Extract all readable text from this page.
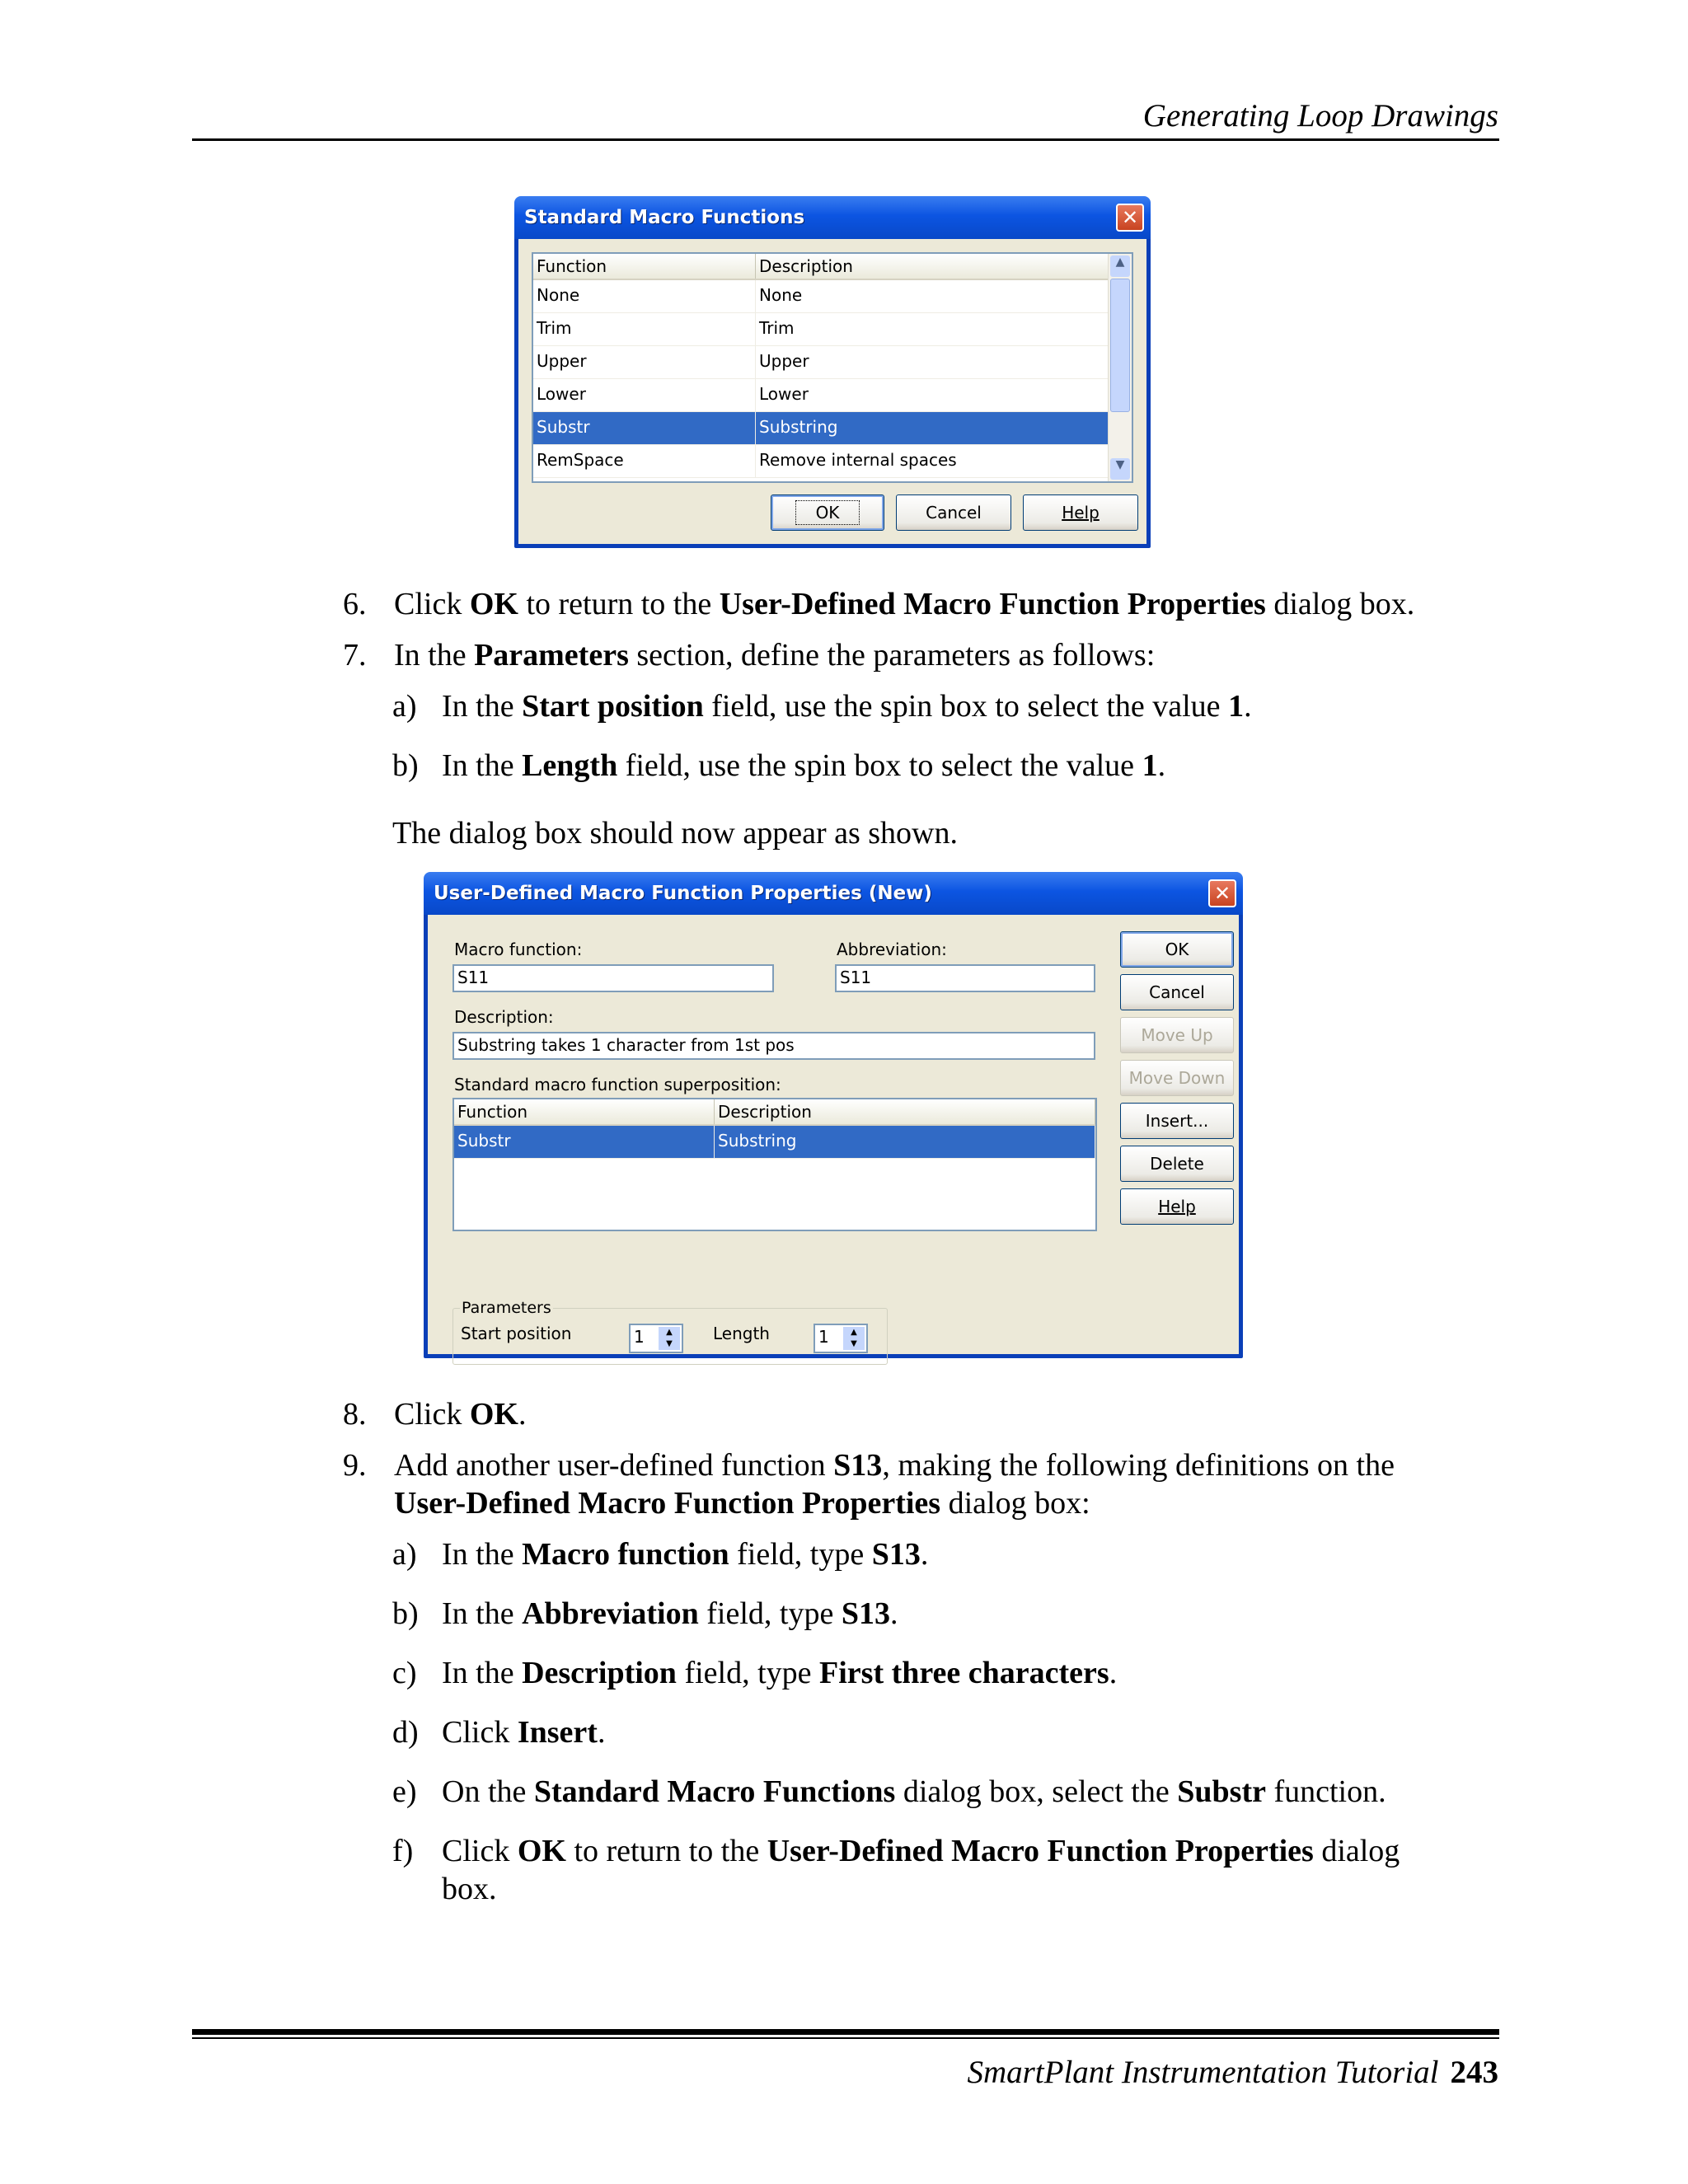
Generating Loop Drawings
Standard Macro Functions	✕
Function	Description
None	None
Trim	Trim
Upper	Upper
Lower	Lower
Substr	Substring
RemSpace	Remove internal spaces
▲
▼
OK	Cancel	Help
6. Click OK to return to the User-Defined Macro Function Properties dialog box.
7. In the Parameters section, define the parameters as follows:
a) In the Start position field, use the spin box to select the value 1.
b) In the Length field, use the spin box to select the value 1.
The dialog box should now appear as shown.
User-Defined Macro Function Properties (New)	✕
Macro function:
S11
Abbreviation:
S11
Description:
Substring takes 1 character from 1st pos
Standard macro function superposition:
Function	Description
Substr	Substring
Parameters
Start position	1	▲
▼
Length	1	▲
▼
OK
Cancel
Move Up
Move Down
Insert...
Delete
Help
8. Click OK.
9. Add another user-defined function S13, making the following definitions on the
User-Defined Macro Function Properties dialog box:
a) In the Macro function field, type S13.
b) In the Abbreviation field, type S13.
c) In the Description field, type First three characters.
d) Click Insert.
e) On the Standard Macro Functions dialog box, select the Substr function.
f) Click OK to return to the User-Defined Macro Function Properties dialog
box.
SmartPlant Instrumentation Tutorial 243
